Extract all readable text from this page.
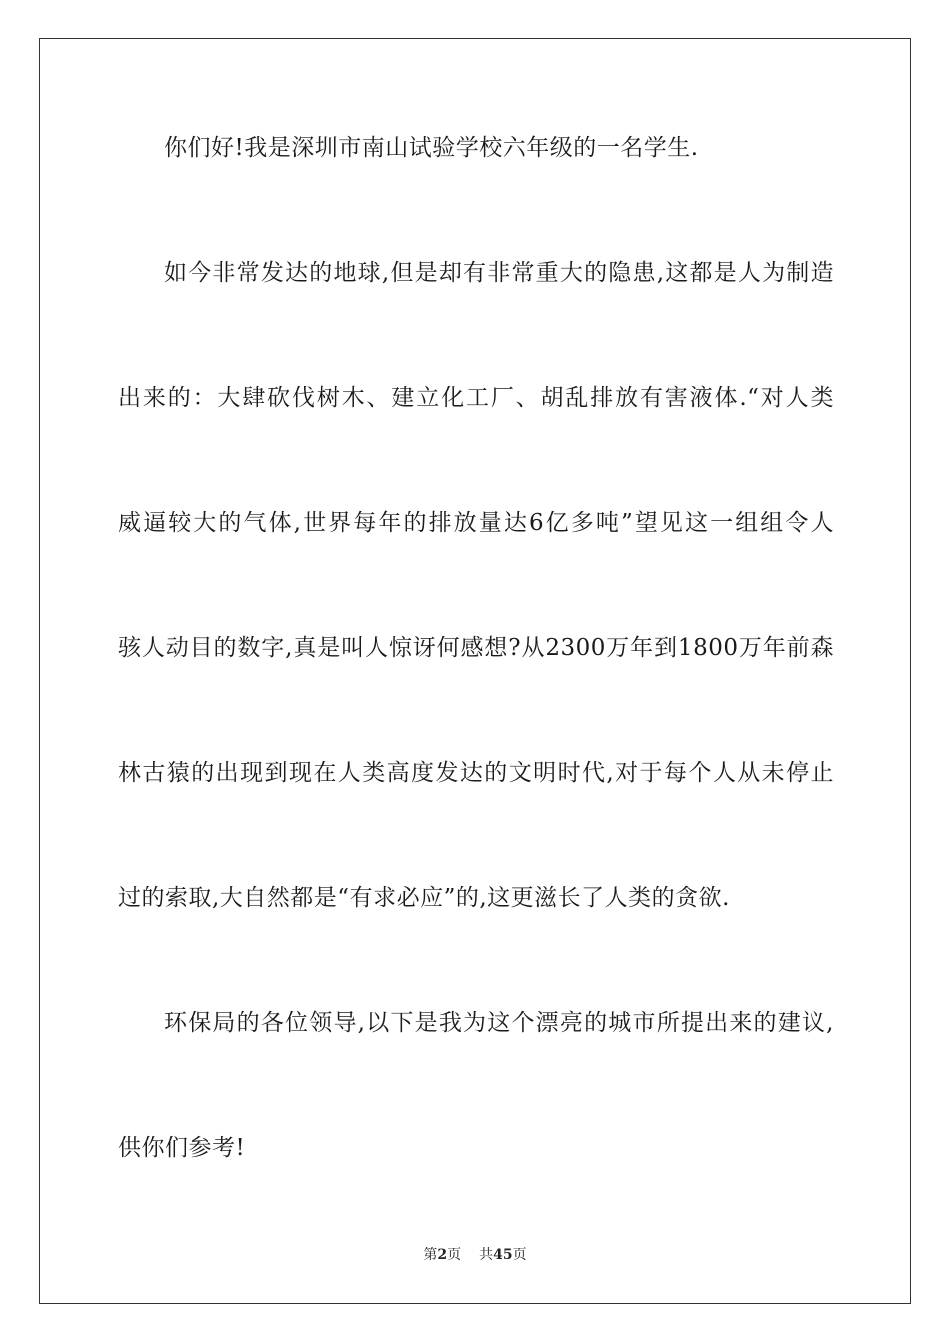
你们好!我是深圳市南山试验学校六年级的一名学生.
如今非常发达的地球,但是却有非常重大的隐患,这都是人为制造
出来的：大肆砍伐树木、建立化工厂、胡乱排放有害液体.“对人类
威逼较大的气体,世界每年的排放量达6亿多吨”望见这一组组令人
骇人动目的数字,真是叫人惊讶何感想?从2300万年到1800万年前森
林古猿的出现到现在人类高度发达的文明时代,对于每个人从未停止
过的索取,大自然都是“有求必应”的,这更滋长了人类的贪欲.
环保局的各位领导,以下是我为这个漂亮的城市所提出来的建议,
供你们参考!
第2页 共45页
